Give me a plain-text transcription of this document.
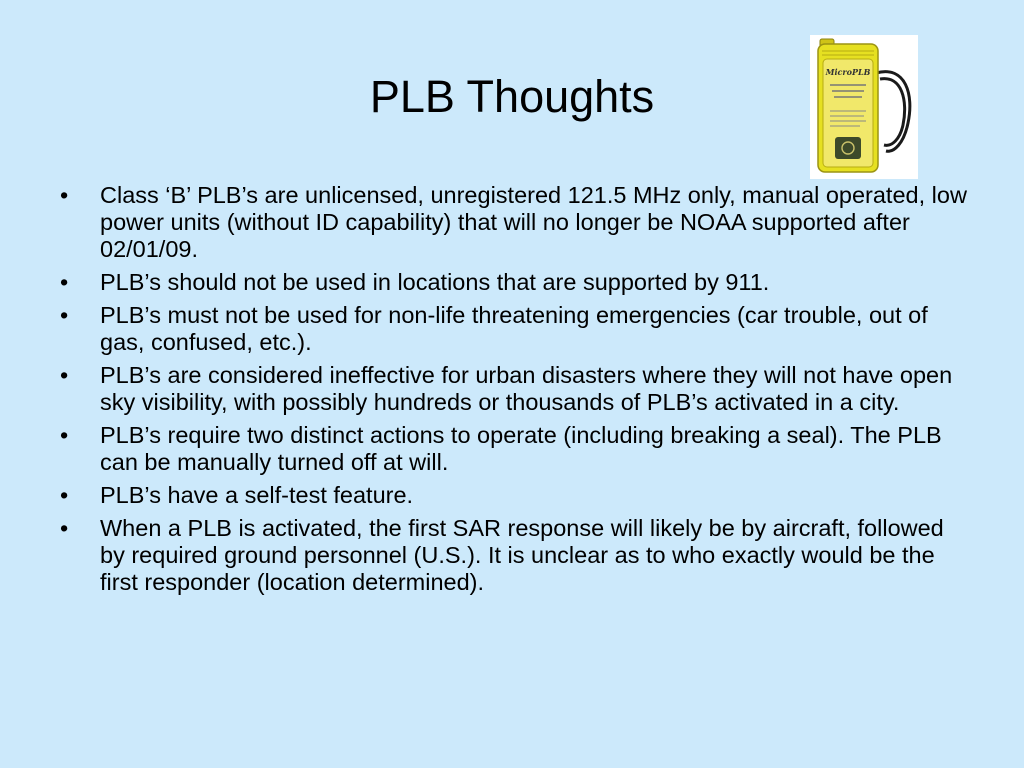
PLB Thoughts	MicroPLB
•	Class ‘B’ PLB’s are unlicensed, unregistered 121.5 MHz only, manual operated, low power units (without ID capability) that will no longer be NOAA supported after 02/01/09.
•	PLB’s should not be used in locations that are supported by 911.
•	PLB’s must not be used for non-life threatening emergencies (car trouble, out of gas, confused, etc.).
•	PLB’s are considered ineffective for urban disasters where they will not have open sky visibility, with possibly hundreds or thousands of PLB’s activated in a city.
•	PLB’s require two distinct actions to operate (including breaking a seal). The PLB can be manually turned off at will.
•	PLB’s have a self-test feature.
•	When a PLB is activated, the first SAR response will likely be by aircraft, followed by required ground personnel (U.S.). It is unclear as to who exactly would be the first responder (location determined).
